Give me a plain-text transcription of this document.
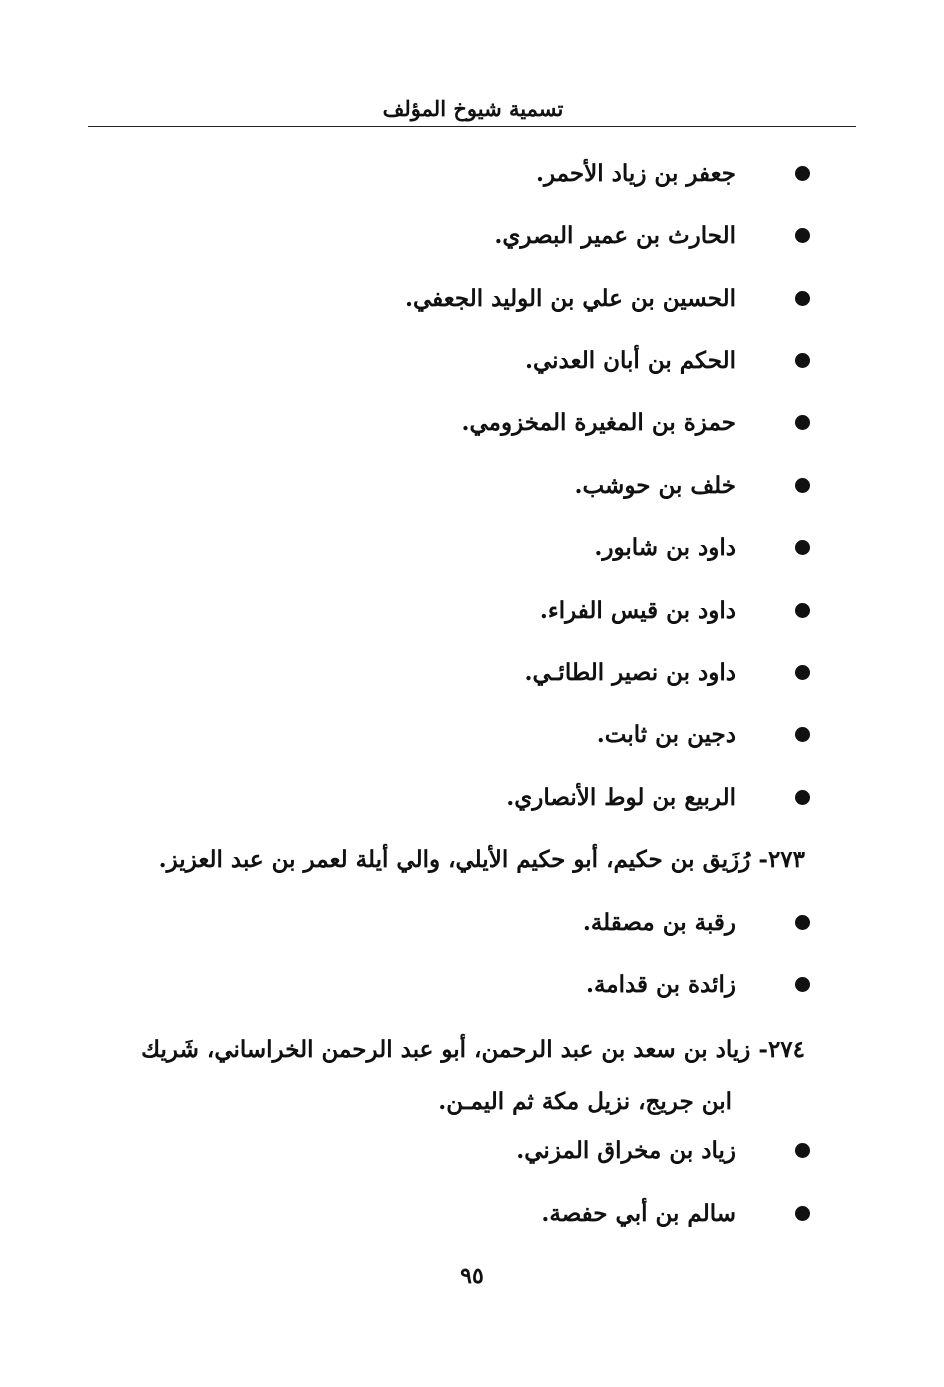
تسمية شيوخ المؤلف
جعفر بن زياد الأحمر.
الحارث بن عمير البصري.
الحسين بن علي بن الوليد الجعفي.
الحكم بن أبان العدني.
حمزة بن المغيرة المخزومي.
خلف بن حوشب.
داود بن شابور.
داود بن قيس الفراء.
داود بن نصير الطائـي.
دجين بن ثابت.
الربيع بن لوط الأنصاري.
٢٧٣- رُزَيق بن حكيم، أبو حكيم الأيلي، والي أيلة لعمر بن عبد العزيز.
رقبة بن مصقلة.
زائدة بن قدامة.
٢٧٤- زياد بن سعد بن عبد الرحمن، أبو عبد الرحمن الخراساني، شَريك
ابن جريج، نزيل مكة ثم اليمـن.
زياد بن مخراق المزني.
سالم بن أبي حفصة.
٩٥
